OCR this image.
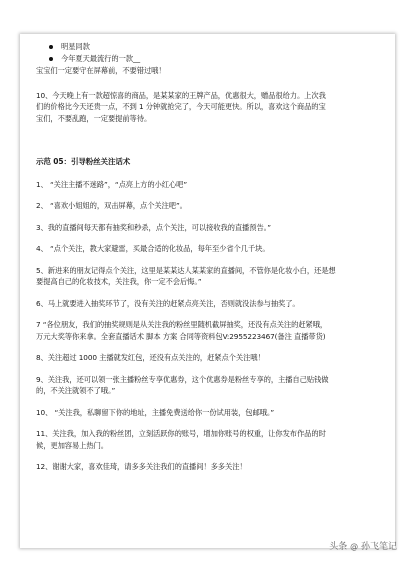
明星同款
今年夏天最流行的一款__
宝宝们一定要守在屏幕前，不要错过哦！
10、今天晚上有一款超惊喜的商品，是某某家的王牌产品，优惠很大，赠品很给力。上次我
们的价格比今天还贵一点，不到 1 分钟就抢完了，今天可能更快。所以，喜欢这个商品的宝
宝们，不要乱跑，一定要提前等待。
示范 05：引导粉丝关注话术
1、 “关注主播不迷路”，“点亮上方的小红心吧”
2、 “喜欢小姐姐的，双击屏幕，点个关注吧”。
3、我的直播间每天都有抽奖和秒杀，点个关注，可以接收我的直播预告。”
4、 “点个关注，教大家避雷，买最合适的化妆品，每年至少省个几千块。
5、新进来的朋友记得点个关注，这里是某某达人某某家的直播间，不管你是化妆小白，还是想
要提高自己的化妆技术，关注我，你一定不会后悔。”
6、马上就要进入抽奖环节了，没有关注的赶紧点亮关注，否则就没法参与抽奖了。
7 “各位朋友，我们的抽奖规则是从关注我的粉丝里随机截屏抽奖，还没有点关注的赶紧哦，
万元大奖等你来拿。全套直播话术 脚本 方案 合同等资料包V:2955223467(备注 直播带货)
8、关注超过 1000 主播就发红包，还没有点关注的，赶紧点个关注哦！
9、关注我，还可以领一张主播粉丝专享优惠券，这个优惠券是粉丝专享的，主播自己贴钱做
的，不关注就领不了哦。”
10、 “关注我，私聊留下你的地址，主播免费送给你一份试用装，包邮哦。”
11、关注我，加入我的粉丝团，立刻活跃你的账号，增加你账号的权重，让你发布作品的时
候，更加容易上热门。
12、谢谢大家，喜欢佳琦，请多多关注我们的直播间！多多关注！
头条 @ 孙飞笔记
